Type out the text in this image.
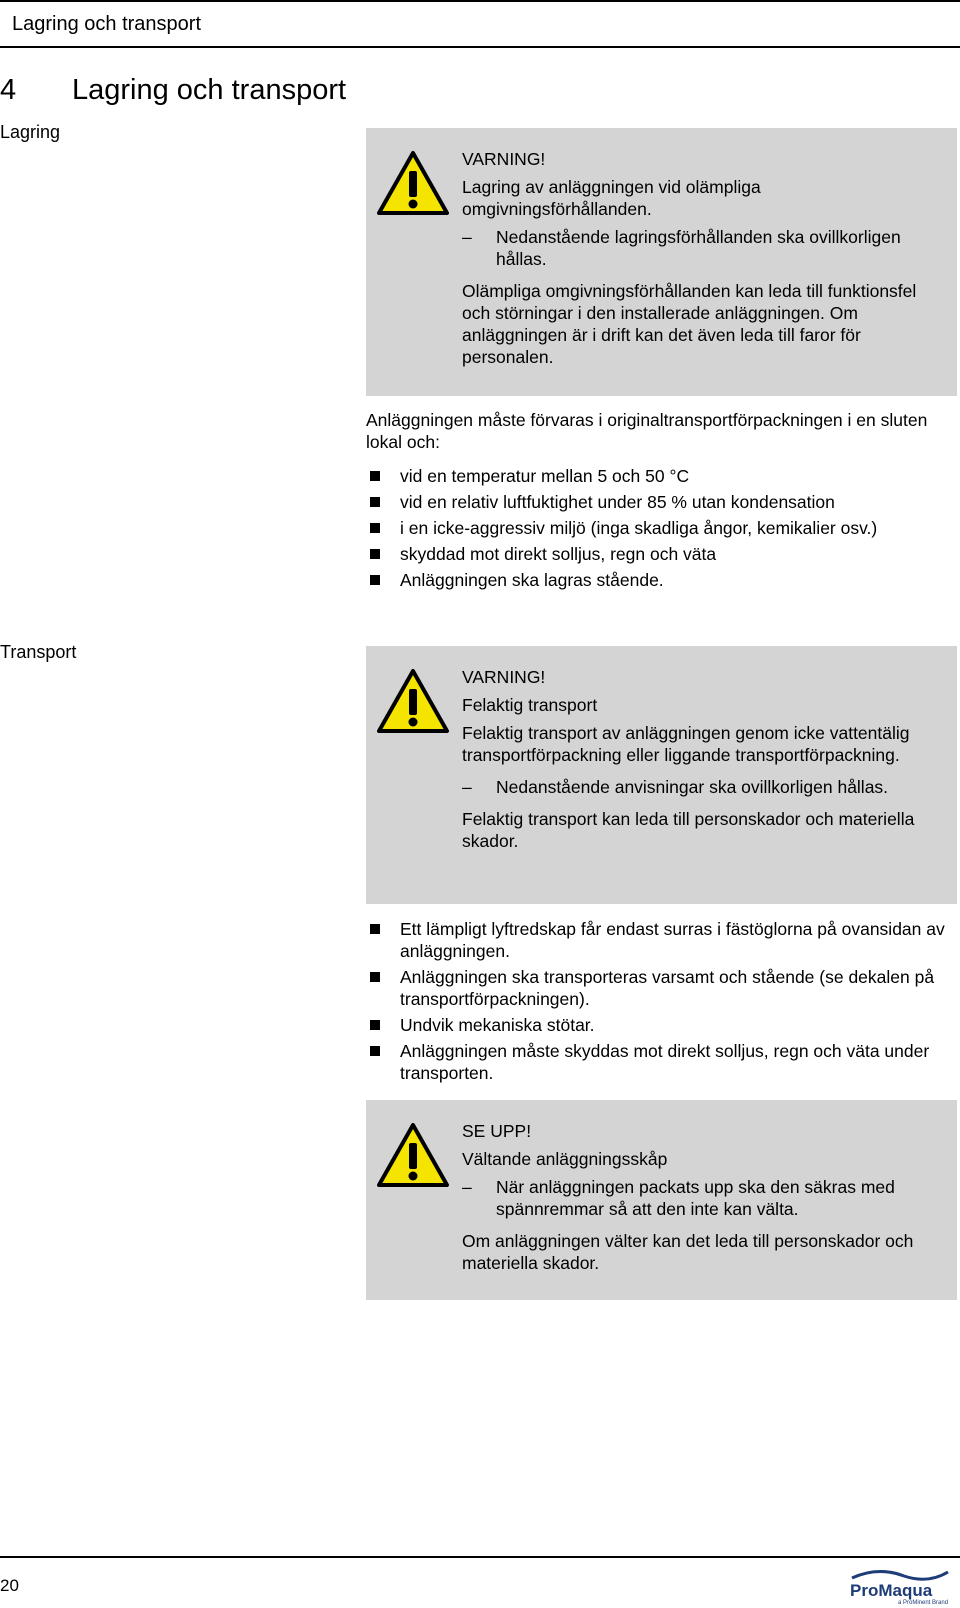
Lagring och transport
4 Lagring och transport
Lagring

VARNING!

Lagring av anläggningen vid olämpliga omgivningsförhållanden.

– Nedanstående lagringsförhållanden ska ovillkorligen hållas.

Olämpliga omgivningsförhållanden kan leda till funktionsfel och störningar i den installerade anläggningen. Om anläggningen är i drift kan det även leda till faror för personalen.

Anläggningen måste förvaras i originaltransportförpackningen i en sluten lokal och:

vid en temperatur mellan 5 och 50 °C
vid en relativ luftfuktighet under 85 % utan kondensation
i en icke-aggressiv miljö (inga skadliga ångor, kemikalier osv.)
skyddad mot direkt solljus, regn och väta
Anläggningen ska lagras stående.
Transport

VARNING!

Felaktig transport

Felaktig transport av anläggningen genom icke vattentälig transportförpackning eller liggande transportförpackning.

– Nedanstående anvisningar ska ovillkorligen hållas.

Felaktig transport kan leda till personskador och materiella skador.

Ett lämpligt lyftredskap får endast surras i fästöglorna på ovansidan av anläggningen.
Anläggningen ska transporteras varsamt och stående (se dekalen på transportförpackningen).
Undvik mekaniska stötar.
Anläggningen måste skyddas mot direkt solljus, regn och väta under transporten.

SE UPP!

Vältande anläggningsskåp

– När anläggningen packats upp ska den säkras med spännremmar så att den inte kan välta.

Om anläggningen välter kan det leda till personskador och materiella skador.

20	ProMaqua
a ProMinent Brand
